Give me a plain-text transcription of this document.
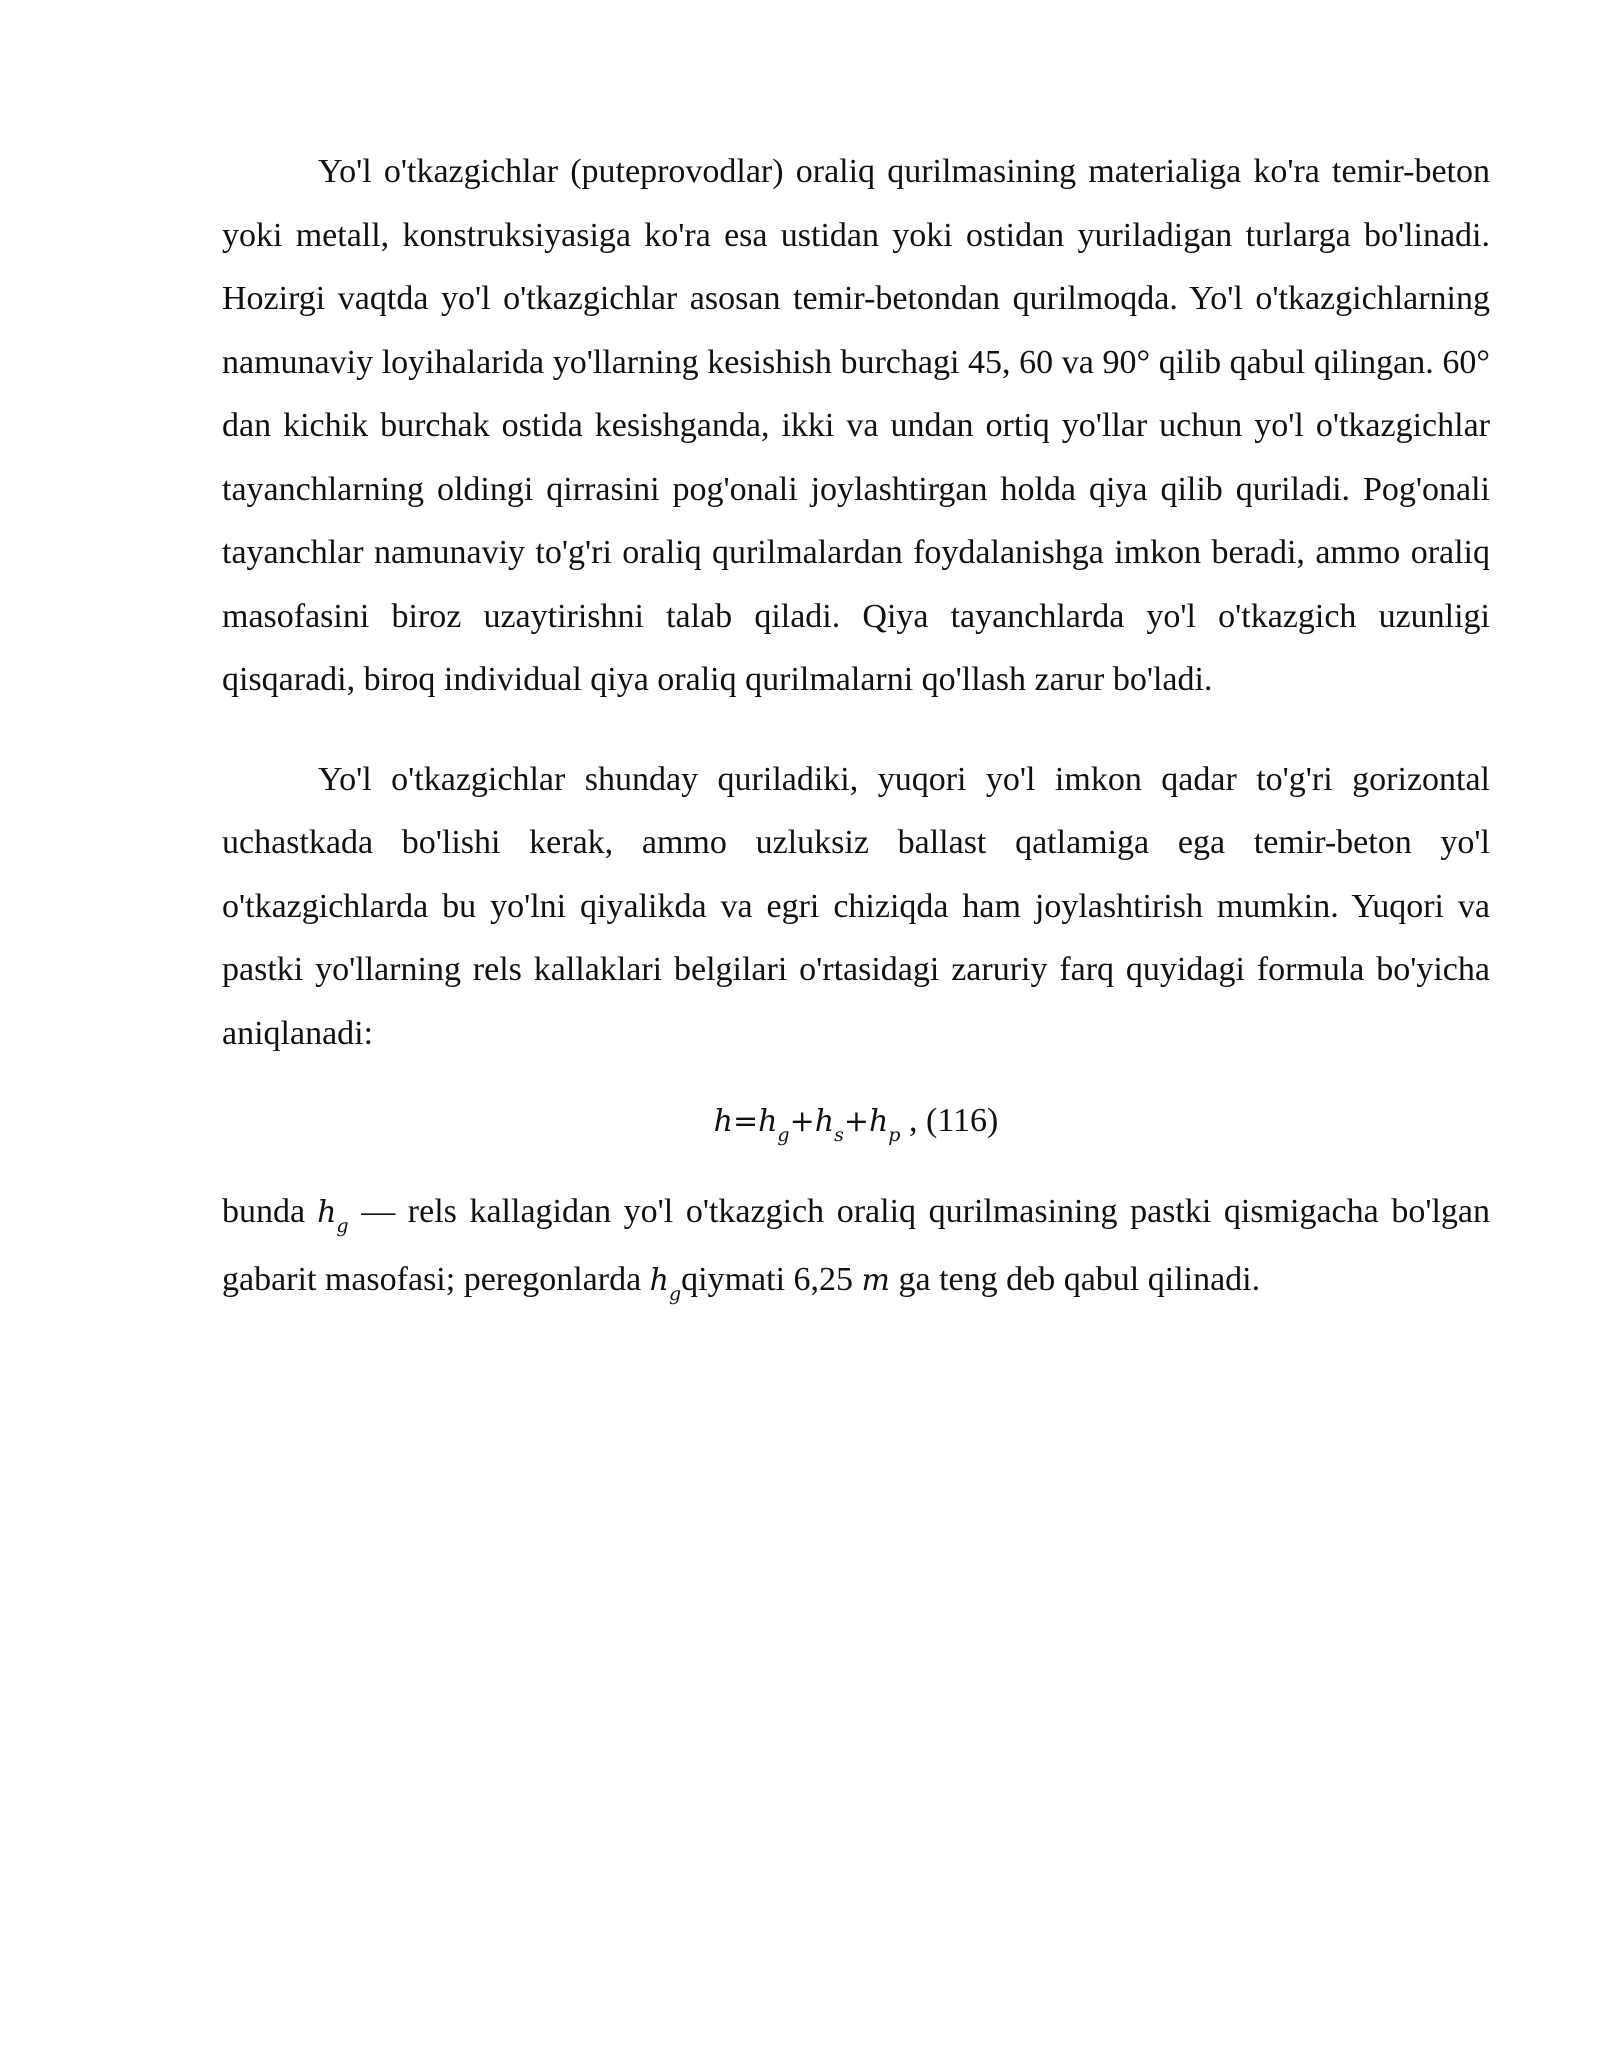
Yo'l o'tkazgichlar (puteprovodlar) oraliq qurilmasining materialiga ko'ra temir-beton yoki metall, konstruksiyasiga ko'ra esa ustidan yoki ostidan yuriladigan turlarga bo'linadi. Hozirgi vaqtda yo'l o'tkazgichlar asosan temir-betondan qurilmoqda. Yo'l o'tkazgichlarning namunaviy loyihalarida yo'llarning kesishish burchagi 45, 60 va 90° qilib qabul qilingan. 60° dan kichik burchak ostida kesishganda, ikki va undan ortiq yo'llar uchun yo'l o'tkazgichlar tayanchlarning oldingi qirrasini pog'onali joylashtirgan holda qiya qilib quriladi. Pog'onali tayanchlar namunaviy to'g'ri oraliq qurilmalardan foydalanishga imkon beradi, ammo oraliq masofasini biroz uzaytirishni talab qiladi. Qiya tayanchlarda yo'l o'tkazgich uzunligi qisqaradi, biroq individual qiya oraliq qurilmalarni qo'llash zarur bo'ladi.

Yo'l o'tkazgichlar shunday quriladiki, yuqori yo'l imkon qadar to'g'ri gorizontal uchastkada bo'lishi kerak, ammo uzluksiz ballast qatlamiga ega temir-beton yo'l o'tkazgichlarda bu yo'lni qiyalikda va egri chiziqda ham joylashtirish mumkin. Yuqori va pastki yo'llarning rels kallaklari belgilari o'rtasidagi zaruriy farq quyidagi formula bo'yicha aniqlanadi:

$h=h_g+h_s+h_p$ , (116)

bunda $h_g$ — rels kallagidan yo'l o'tkazgich oraliq qurilmasining pastki qismigacha bo'lgan gabarit masofasi; peregonlarda $h_gqiymati$ 6,25 m ga teng deb qabul qilinadi.
